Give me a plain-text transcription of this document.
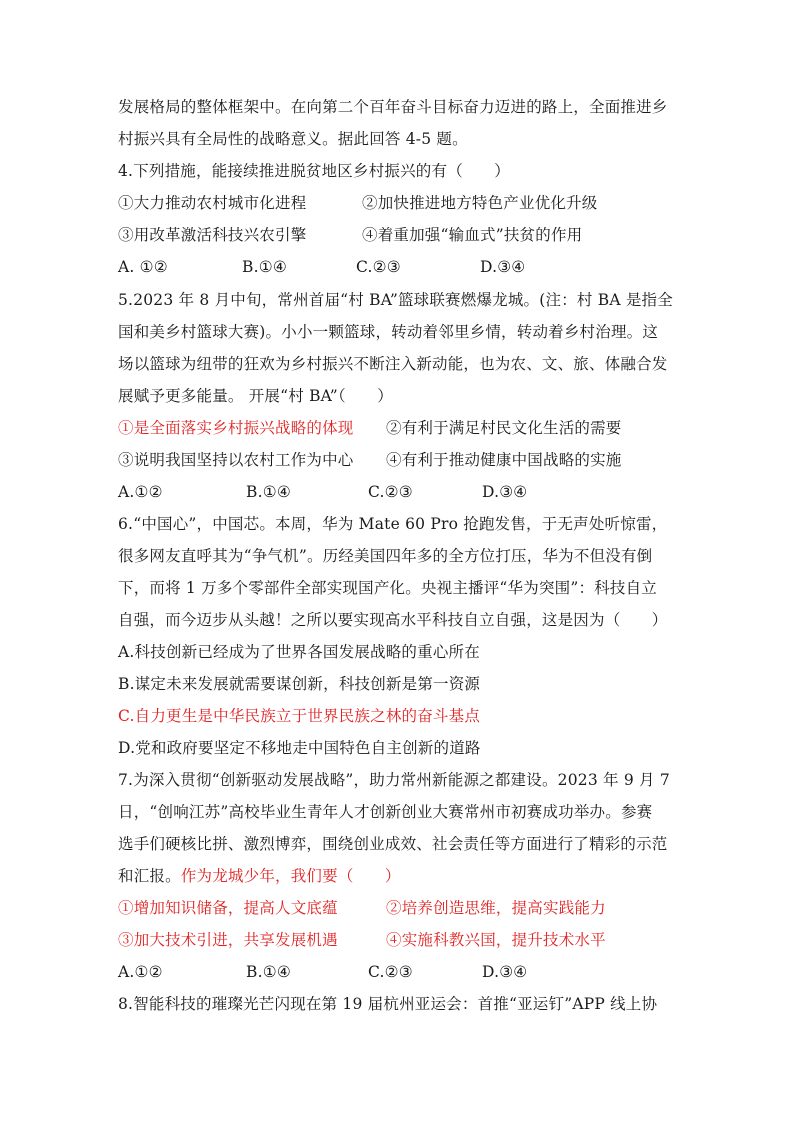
发展格局的整体框架中。在向第二个百年奋斗目标奋力迈进的路上，全面推进乡
村振兴具有全局性的战略意义。据此回答 4-5 题。
4.下列措施，能接续推进脱贫地区乡村振兴的有（　　）
①大力推动农村城市化进程	②加快推进地方特色产业优化升级
③用改革激活科技兴农引擎	④着重加强“输血式”扶贫的作用
A. ①②	B.①④	C.②③	D.③④
5.2023 年 8 月中旬，常州首届“村 BA”篮球联赛燃爆龙城。(注：村 BA 是指全
国和美乡村篮球大赛)。小小一颗篮球，转动着邻里乡情，转动着乡村治理。这
场以篮球为纽带的狂欢为乡村振兴不断注入新动能，也为农、文、旅、体融合发
展赋予更多能量。 开展“村 BA”（　　）
①是全面落实乡村振兴战略的体现 ②有利于满足村民文化生活的需要
③说明我国坚持以农村工作为中心 ④有利于推动健康中国战略的实施
A.①②	B.①④	C.②③	D.③④
6.“中国心”，中国芯。本周，华为 Mate 60 Pro 抢跑发售，于无声处听惊雷，
很多网友直呼其为“争气机”。历经美国四年多的全方位打压，华为不但没有倒
下，而将 1 万多个零部件全部实现国产化。央视主播评“华为突围”：科技自立
自强，而今迈步从头越！之所以要实现高水平科技自立自强，这是因为（　　）
A.科技创新已经成为了世界各国发展战略的重心所在
B.谋定未来发展就需要谋创新，科技创新是第一资源
C.自力更生是中华民族立于世界民族之林的奋斗基点
D.党和政府要坚定不移地走中国特色自主创新的道路
7.为深入贯彻“创新驱动发展战略”，助力常州新能源之都建设。2023 年 9 月 7
日，“创响江苏”高校毕业生青年人才创新创业大赛常州市初赛成功举办。参赛
选手们硬核比拼、激烈博弈，围绕创业成效、社会责任等方面进行了精彩的示范
和汇报。作为龙城少年，我们要（　　）
①增加知识储备，提高人文底蕴	②培养创造思维，提高实践能力
③加大技术引进，共享发展机遇	④实施科教兴国，提升技术水平
A.①②	B.①④	C.②③	D.③④
8.智能科技的璀璨光芒闪现在第 19 届杭州亚运会：首推“亚运钉”APP 线上协
